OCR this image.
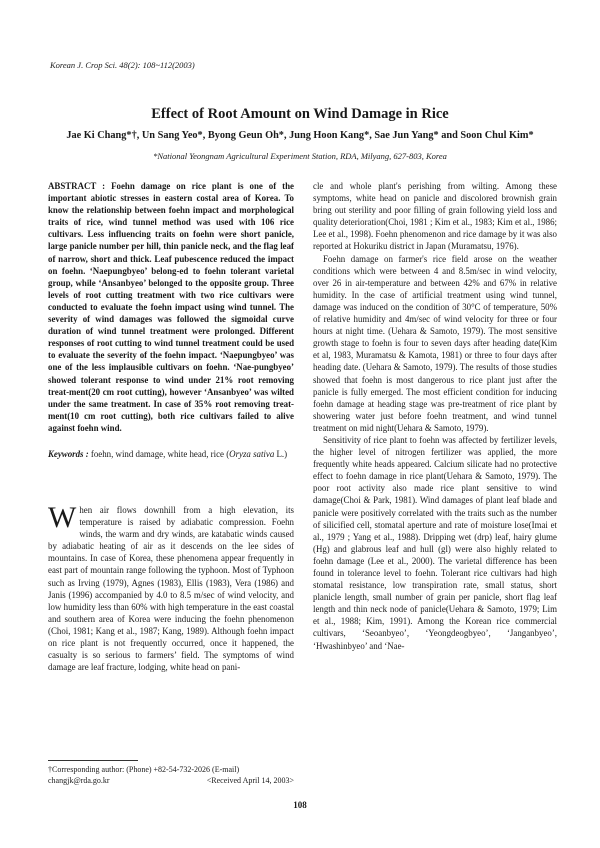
Korean J. Crop Sci. 48(2): 108~112(2003)
Effect of Root Amount on Wind Damage in Rice
Jae Ki Chang*†, Un Sang Yeo*, Byong Geun Oh*, Jung Hoon Kang*, Sae Jun Yang* and Soon Chul Kim*
*National Yeongnam Agricultural Experiment Station, RDA, Milyang, 627-803, Korea
ABSTRACT : Foehn damage on rice plant is one of the important abiotic stresses in eastern costal area of Korea. To know the relationship between foehn impact and morphological traits of rice, wind tunnel method was used with 106 rice cultivars. Less influencing traits on foehn were short panicle, large panicle number per hill, thin panicle neck, and the flag leaf of narrow, short and thick. Leaf pubescence reduced the impact on foehn. ‘Naepungbyeo’ belong-ed to foehn tolerant varietal group, while ‘Ansanbyeo’ belonged to the opposite group. Three levels of root cutting treatment with two rice cultivars were conducted to evaluate the foehn impact using wind tunnel. The severity of wind damages was followed the sigmoidal curve duration of wind tunnel treatment were prolonged. Different responses of root cutting to wind tunnel treatment could be used to evaluate the severity of the foehn impact. ‘Naepungbyeo’ was one of the less implausible cultivars on foehn. ‘Nae-pungbyeo’ showed tolerant response to wind under 21% root removing treat-ment(20 cm root cutting), however ‘Ansanbyeo’ was wilted under the same treatment. In case of 35% root removing treat-ment(10 cm root cutting), both rice cultivars failed to alive against foehn wind.
Keywords : foehn, wind damage, white head, rice (Oryza sativa L.)

When air flows downhill from a high elevation, its temperature is raised by adiabatic compression. Foehn winds, the warm and dry winds, are katabatic winds caused by adiabatic heating of air as it descends on the lee sides of mountains. In case of Korea, these phenomena appear frequently in east part of mountain range following the typhoon. Most of Typhoon such as Irving (1979), Agnes (1983), Ellis (1983), Vera (1986) and Janis (1996) accompanied by 4.0 to 8.5 m/sec of wind velocity, and low humidity less than 60% with high temperature in the east coastal and southern area of Korea were inducing the foehn phenomenon (Choi, 1981; Kang et al., 1987; Kang, 1989). Although foehn impact on rice plant is not frequently occurred, once it happened, the casualty is so serious to farmers’ field. The symptoms of wind damage are leaf fracture, lodging, white head on pani-

cle and whole plant's perishing from wilting. Among these symptoms, white head on panicle and discolored brownish grain bring out sterility and poor filling of grain following yield loss and quality deterioration(Choi, 1981 ; Kim et al., 1983; Kim et al., 1986; Lee et al., 1998). Foehn phenomenon and rice damage by it was also reported at Hokuriku district in Japan (Muramatsu, 1976).

Foehn damage on farmer's rice field arose on the weather conditions which were between 4 and 8.5m/sec in wind velocity, over 26 in air-temperature and between 42% and 67% in relative humidity. In the case of artificial treatment using wind tunnel, damage was induced on the condition of 30°C of temperature, 50% of relative humidity and 4m/sec of wind velocity for three or four hours at night time. (Uehara & Samoto, 1979). The most sensitive growth stage to foehn is four to seven days after heading date(Kim et al, 1983, Muramatsu & Kamota, 1981) or three to four days after heading date. (Uehara & Samoto, 1979). The results of those studies showed that foehn is most dangerous to rice plant just after the panicle is fully emerged. The most efficient condition for inducing foehn damage at heading stage was pre-treatment of rice plant by showering water just before foehn treatment, and wind tunnel treatment on mid night(Uehara & Samoto, 1979).

Sensitivity of rice plant to foehn was affected by fertilizer levels, the higher level of nitrogen fertilizer was applied, the more frequently white heads appeared. Calcium silicate had no protective effect to foehn damage in rice plant(Uehara & Samoto, 1979). The poor root activity also made rice plant sensitive to wind damage(Choi & Park, 1981). Wind damages of plant leaf blade and panicle were positively correlated with the traits such as the number of silicified cell, stomatal aperture and rate of moisture lose(Imai et al., 1979 ; Yang et al., 1988). Dripping wet (drp) leaf, hairy glume (Hg) and glabrous leaf and hull (gl) were also highly related to foehn damage (Lee et al., 2000). The varietal difference has been found in tolerance level to foehn. Tolerant rice cultivars had high stomatal resistance, low transpiration rate, small status, short planicle length, small number of grain per panicle, short flag leaf length and thin neck node of panicle(Uehara & Samoto, 1979; Lim et al., 1988; Kim, 1991). Among the Korean rice commercial cultivars, ‘Seoanbyeo’, ‘Yeongdeogbyeo’, ‘Janganbyeo’, ‘Hwashinbyeo’ and ‘Nae-

†Corresponding author: (Phone) +82-54-732-2026 (E-mail) changjk@rda.go.kr	<Received April 14, 2003>
108
